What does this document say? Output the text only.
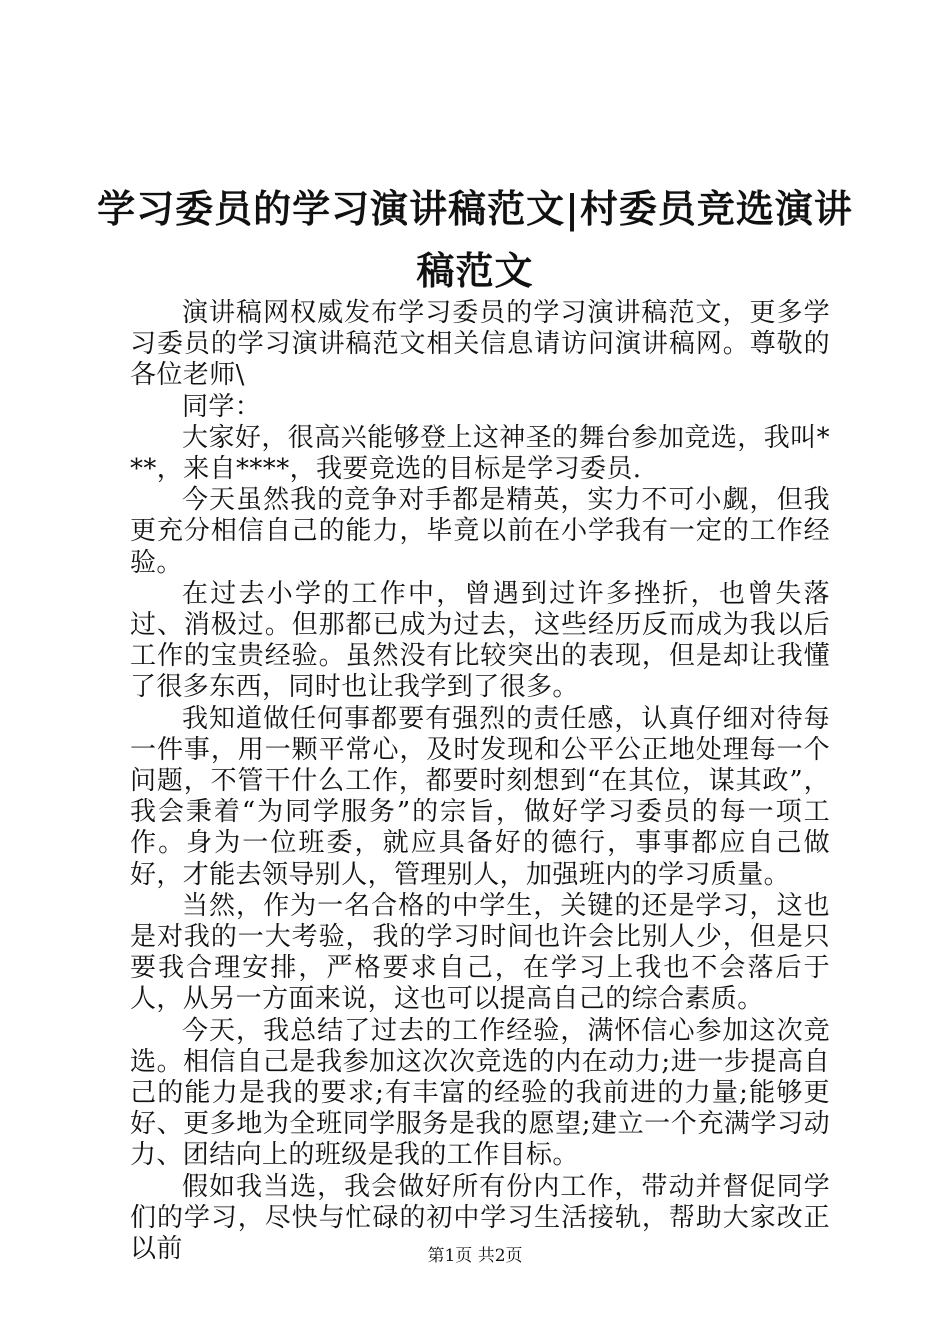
学习委员的学习演讲稿范文|村委员竞选演讲
稿范文

演讲稿网权威发布学习委员的学习演讲稿范文，更多学习委员的学习演讲稿范文相关信息请访问演讲稿网。尊敬的各位老师\

同学：

大家好，很高兴能够登上这神圣的舞台参加竞选，我叫***，来自****，我要竞选的目标是学习委员.

今天虽然我的竞争对手都是精英，实力不可小觑，但我更充分相信自己的能力，毕竟以前在小学我有一定的工作经验。

在过去小学的工作中，曾遇到过许多挫折，也曾失落过、消极过。但那都已成为过去，这些经历反而成为我以后工作的宝贵经验。虽然没有比较突出的表现，但是却让我懂了很多东西，同时也让我学到了很多。

我知道做任何事都要有强烈的责任感，认真仔细对待每一件事，用一颗平常心，及时发现和公平公正地处理每一个问题，不管干什么工作，都要时刻想到“在其位，谋其政”，我会秉着“为同学服务”的宗旨，做好学习委员的每一项工作。身为一位班委，就应具备好的德行，事事都应自己做好，才能去领导别人，管理别人，加强班内的学习质量。

当然，作为一名合格的中学生，关键的还是学习，这也是对我的一大考验，我的学习时间也许会比别人少，但是只要我合理安排，严格要求自己，在学习上我也不会落后于人，从另一方面来说，这也可以提高自己的综合素质。

今天，我总结了过去的工作经验，满怀信心参加这次竞选。相信自己是我参加这次次竞选的内在动力;进一步提高自己的能力是我的要求;有丰富的经验的我前进的力量;能够更好、更多地为全班同学服务是我的愿望;建立一个充满学习动力、团结向上的班级是我的工作目标。

假如我当选，我会做好所有份内工作，带动并督促同学们的学习，尽快与忙碌的初中学习生活接轨，帮助大家改正以前	第1页 共2页
